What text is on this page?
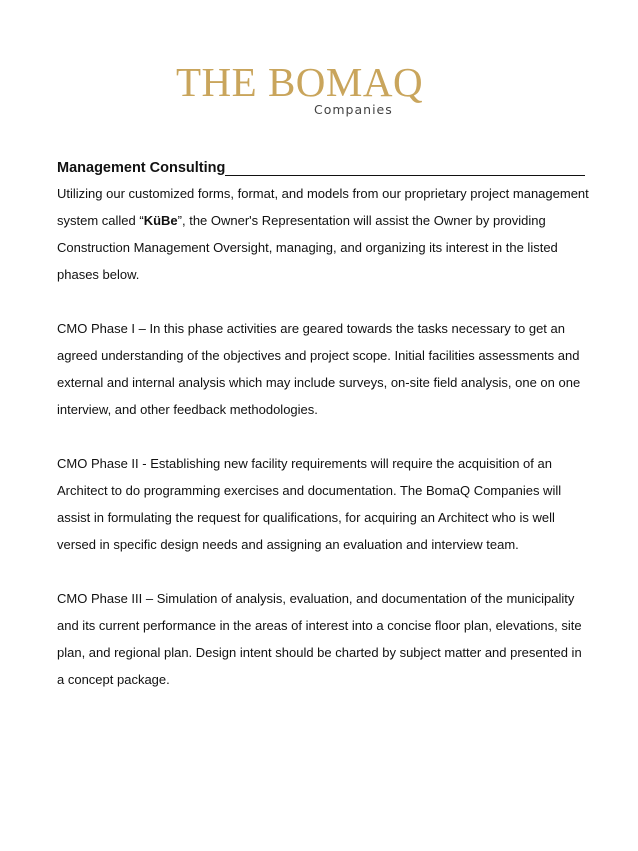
THE BOMAQ
Companies
Management Consulting

Utilizing our customized forms, format, and models from our proprietary project management system called “KüBe”, the Owner's Representation will assist the Owner by providing Construction Management Oversight, managing, and organizing its interest in the listed phases below.

CMO Phase I – In this phase activities are geared towards the tasks necessary to get an agreed understanding of the objectives and project scope. Initial facilities assessments and external and internal analysis which may include surveys, on-site field analysis, one on one interview, and other feedback methodologies.

CMO Phase II - Establishing new facility requirements will require the acquisition of an Architect to do programming exercises and documentation. The BomaQ Companies will assist in formulating the request for qualifications, for acquiring an Architect who is well versed in specific design needs and assigning an evaluation and interview team.

CMO Phase III – Simulation of analysis, evaluation, and documentation of the municipality and its current performance in the areas of interest into a concise floor plan, elevations, site plan, and regional plan. Design intent should be charted by subject matter and presented in a concept package.
